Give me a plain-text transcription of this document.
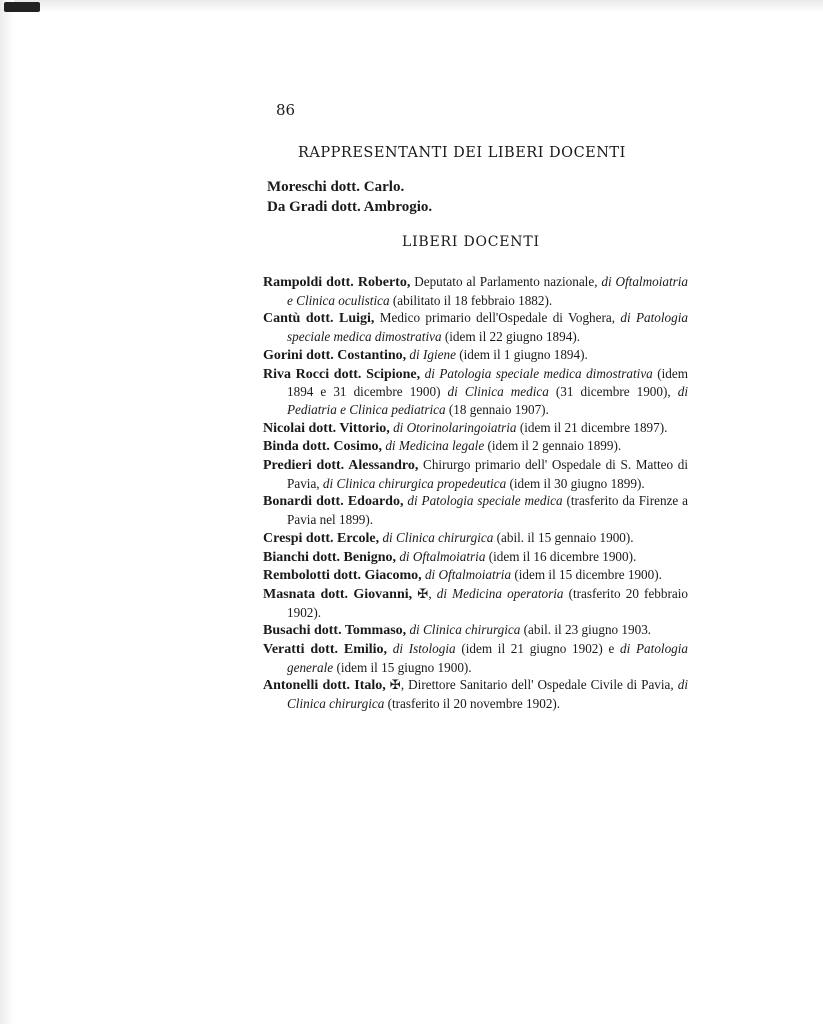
86
RAPPRESENTANTI DEI LIBERI DOCENTI
Moreschi dott. Carlo.
Da Gradi dott. Ambrogio.
LIBERI DOCENTI
Rampoldi dott. Roberto, Deputato al Parlamento nazionale, di Oftalmoiatria e Clinica oculistica (abilitato il 18 febbraio 1882).
Cantù dott. Luigi, Medico primario dell'Ospedale di Voghera, di Patologia speciale medica dimostrativa (idem il 22 giugno 1894).
Gorini dott. Costantino, di Igiene (idem il 1 giugno 1894).
Riva Rocci dott. Scipione, di Patologia speciale medica dimostrativa (idem 1894 e 31 dicembre 1900) di Clinica medica (31 dicembre 1900), di Pediatria e Clinica pediatrica (18 gennaio 1907).
Nicolai dott. Vittorio, di Otorinolaringoiatria (idem il 21 dicembre 1897).
Binda dott. Cosimo, di Medicina legale (idem il 2 gennaio 1899).
Predieri dott. Alessandro, Chirurgo primario dell' Ospedale di S. Matteo di Pavia, di Clinica chirurgica propedeutica (idem il 30 giugno 1899).
Bonardi dott. Edoardo, di Patologia speciale medica (trasferito da Firenze a Pavia nel 1899).
Crespi dott. Ercole, di Clinica chirurgica (abil. il 15 gennaio 1900).
Bianchi dott. Benigno, di Oftalmoiatria (idem il 16 dicembre 1900).
Rembolotti dott. Giacomo, di Oftalmoiatria (idem il 15 dicembre 1900).
Masnata dott. Giovanni, ✠, di Medicina operatoria (trasferito 20 febbraio 1902).
Busachi dott. Tommaso, di Clinica chirurgica (abil. il 23 giugno 1903.
Veratti dott. Emilio, di Istologia (idem il 21 giugno 1902) e di Patologia generale (idem il 15 giugno 1900).
Antonelli dott. Italo, ✠, Direttore Sanitario dell' Ospedale Civile di Pavia, di Clinica chirurgica (trasferito il 20 novembre 1902).
